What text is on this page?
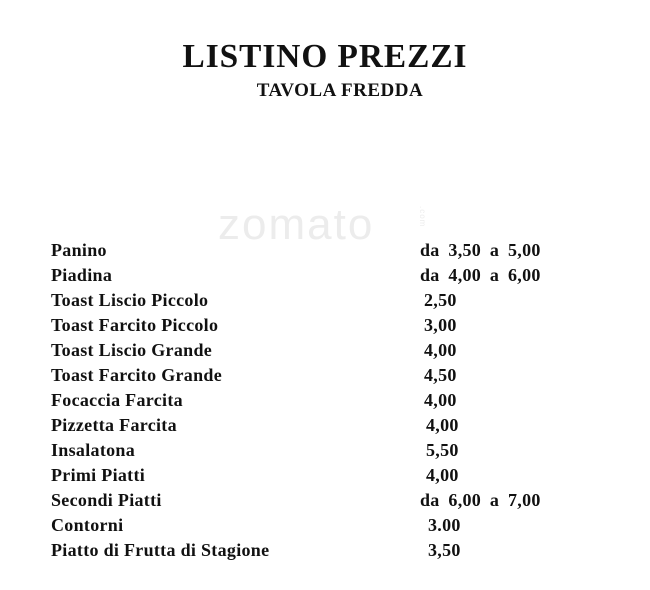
LISTINO PREZZI
TAVOLA FREDDA
zomato	.com
Panino	da 3,50 a 5,00
Piadina	da 4,00 a 6,00
Toast Liscio Piccolo	2,50
Toast Farcito Piccolo	3,00
Toast Liscio Grande	4,00
Toast Farcito Grande	4,50
Focaccia Farcita	4,00
Pizzetta Farcita	4,00
Insalatona	5,50
Primi Piatti	4,00
Secondi Piatti	da 6,00 a 7,00
Contorni	3.00
Piatto di Frutta di Stagione	3,50
